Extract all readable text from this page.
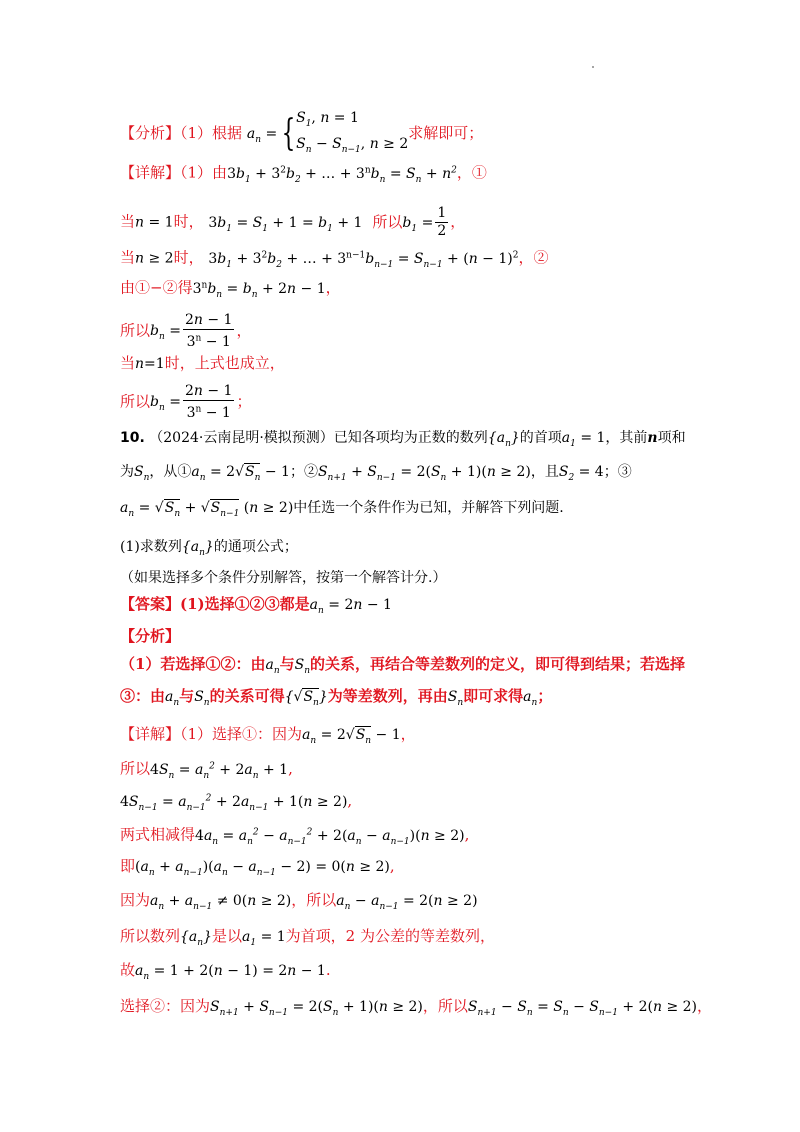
【分析】（1）根据 $a_n$ = { $S_1$, n = 1
$S_n - S_{n-1}$, n ≥ 2
求解即可；
【详解】（1）由$3b_1 + 3^2b_2$ + … + $3^nb_n = S_n + n^2$，①
当n = 1时， $3b_1 = S_1 + 1 = b_1 + 1$ 所以$b_1 = \frac{1}{2}$ ，
当n ≥ 2时， $3b_1 + 3^2b_2$ + … + $3^{n-1}b_{n-1} = S_{n-1} + (n - 1)^2$，②
由①−②得$3^nb_n = b_n + 2n - 1$，
所以$b_n = \frac{2n - 1}{3^n - 1}$ ，
当n=1时，上式也成立，
所以$b_n = \frac{2n - 1}{3^n - 1}$ ；
10. （2024·云南昆明·模拟预测）已知各项均为正数的数列$\{a_n\}$的首项$a_1 = 1$，其前n项和
为$S_n$，从$①a_n = 2√S_n - 1$；$②S_{n+1} + S_{n-1} = 2(S_n + 1)(n \ge 2)$，且$S_2 = 4$；③
$a_n = √S_n + √S_{n-1}$ (n ≥ 2)中任选一个条件作为已知，并解答下列问题.
(1)求数列$\{a_n\}$的通项公式；
（如果选择多个条件分别解答，按第一个解答计分.）
【答案】(1)选择①②③都是$a_n = 2n - 1$
【分析】
（1）若选择①②：由$a_n$与$S_n$的关系，再结合等差数列的定义，即可得到结果；若选择
③：由$a_n$与$S_n$的关系可得$\{√S_n\}$为等差数列，再由$S_n$即可求得$a_n$；
【详解】（1）选择①：因为$a_n = 2√S_n - 1$，
所以$4S_n = a_n^2 + 2a_n + 1$,
$4S_{n-1} = a_{n-1}^2 + 2a_{n-1} + 1(n \ge 2)$,
两式相减得$4a_n = a_n^2 - a_{n-1}^2 + 2(a_n - a_{n-1})(n \ge 2)$,
即$(a_n + a_{n-1})(a_n - a_{n-1} - 2) = 0(n \ge 2)$,
因为$a_n + a_{n-1} \ne 0(n \ge 2)$，所以$a_n - a_{n-1} = 2(n \ge 2)$
所以数列$\{a_n\}$是以$a_1 = 1$为首项，2 为公差的等差数列，
故$a_n = 1 + 2(n - 1) = 2n - 1$.
选择②：因为$S_{n+1} + S_{n-1} = 2(S_n + 1)(n \ge 2)$，所以$S_{n+1} - S_n = S_n - S_{n-1} + 2(n \ge 2)$，
